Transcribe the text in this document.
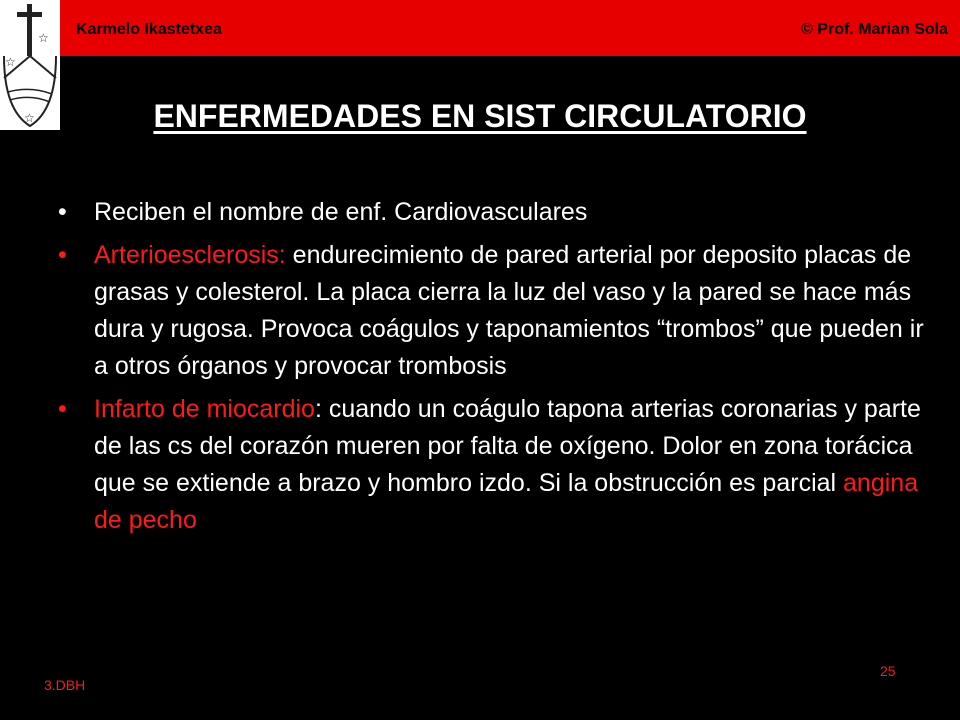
☆
☆
☆
Karmelo Ikastetxea	© Prof. Marian Sola
ENFERMEDADES EN SIST CIRCULATORIO
•	Reciben el nombre de enf. Cardiovasculares
•	Arterioesclerosis: endurecimiento de pared arterial por deposito placas de grasas y colesterol. La placa cierra la luz del vaso y la pared se hace más dura y rugosa. Provoca coágulos y taponamientos “trombos” que pueden ir a otros órganos y provocar trombosis
•	Infarto de miocardio: cuando un coágulo tapona arterias coronarias y parte de las cs del corazón mueren por falta de oxígeno. Dolor en zona torácica que se extiende a brazo y hombro izdo. Si la obstrucción es parcial angina de pecho
3.DBH
25
